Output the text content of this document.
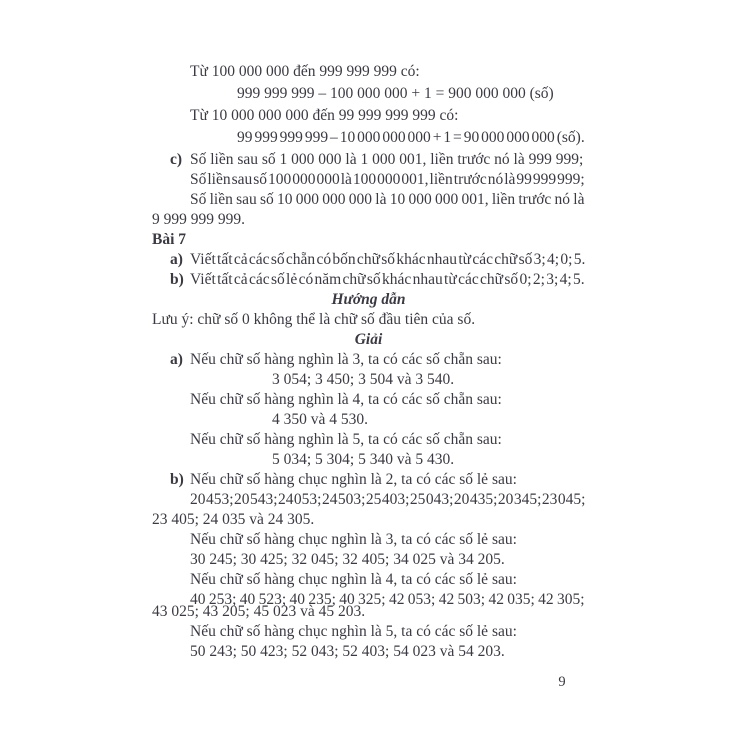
Từ 100 000 000 đến 999 999 999 có:
999 999 999 – 100 000 000 + 1 = 900 000 000 (số)
Từ 10 000 000 000 đến 99 999 999 999 có:
99 999 999 999 – 10 000 000 000 + 1 = 90 000 000 000 (số).
c) Số liền sau số 1 000 000 là 1 000 001, liền trước nó là 999 999;
Số liền sau số 100 000 000 là 100 000 001, liền trước nó là 99 999 999;
Số liền sau số 10 000 000 000 là 10 000 000 001, liền trước nó là
9 999 999 999.
Bài 7
a) Viết tất cả các số chẵn có bốn chữ số khác nhau từ các chữ số 3; 4; 0; 5.
b) Viết tất cả các số lẻ có năm chữ số khác nhau từ các chữ số 0; 2; 3; 4; 5.
Hướng dẫn
Lưu ý: chữ số 0 không thể là chữ số đầu tiên của số.
Giải
a) Nếu chữ số hàng nghìn là 3, ta có các số chẵn sau:
3 054; 3 450; 3 504 và 3 540.
Nếu chữ số hàng nghìn là 4, ta có các số chẵn sau:
4 350 và 4 530.
Nếu chữ số hàng nghìn là 5, ta có các số chẵn sau:
5 034; 5 304; 5 340 và 5 430.
b) Nếu chữ số hàng chục nghìn là 2, ta có các số lẻ sau:
20 453; 20 543; 24 053; 24 503; 25 403; 25 043; 20 435; 20 345; 23 045;
23 405; 24 035 và 24 305.
Nếu chữ số hàng chục nghìn là 3, ta có các số lẻ sau:
30 245; 30 425; 32 045; 32 405; 34 025 và 34 205.
Nếu chữ số hàng chục nghìn là 4, ta có các số lẻ sau:
40 253; 40 523; 40 235; 40 325; 42 053; 42 503; 42 035; 42 305;
43 025; 43 205; 45 023 và 45 203.
Nếu chữ số hàng chục nghìn là 5, ta có các số lẻ sau:
50 243; 50 423; 52 043; 52 403; 54 023 và 54 203.
9
